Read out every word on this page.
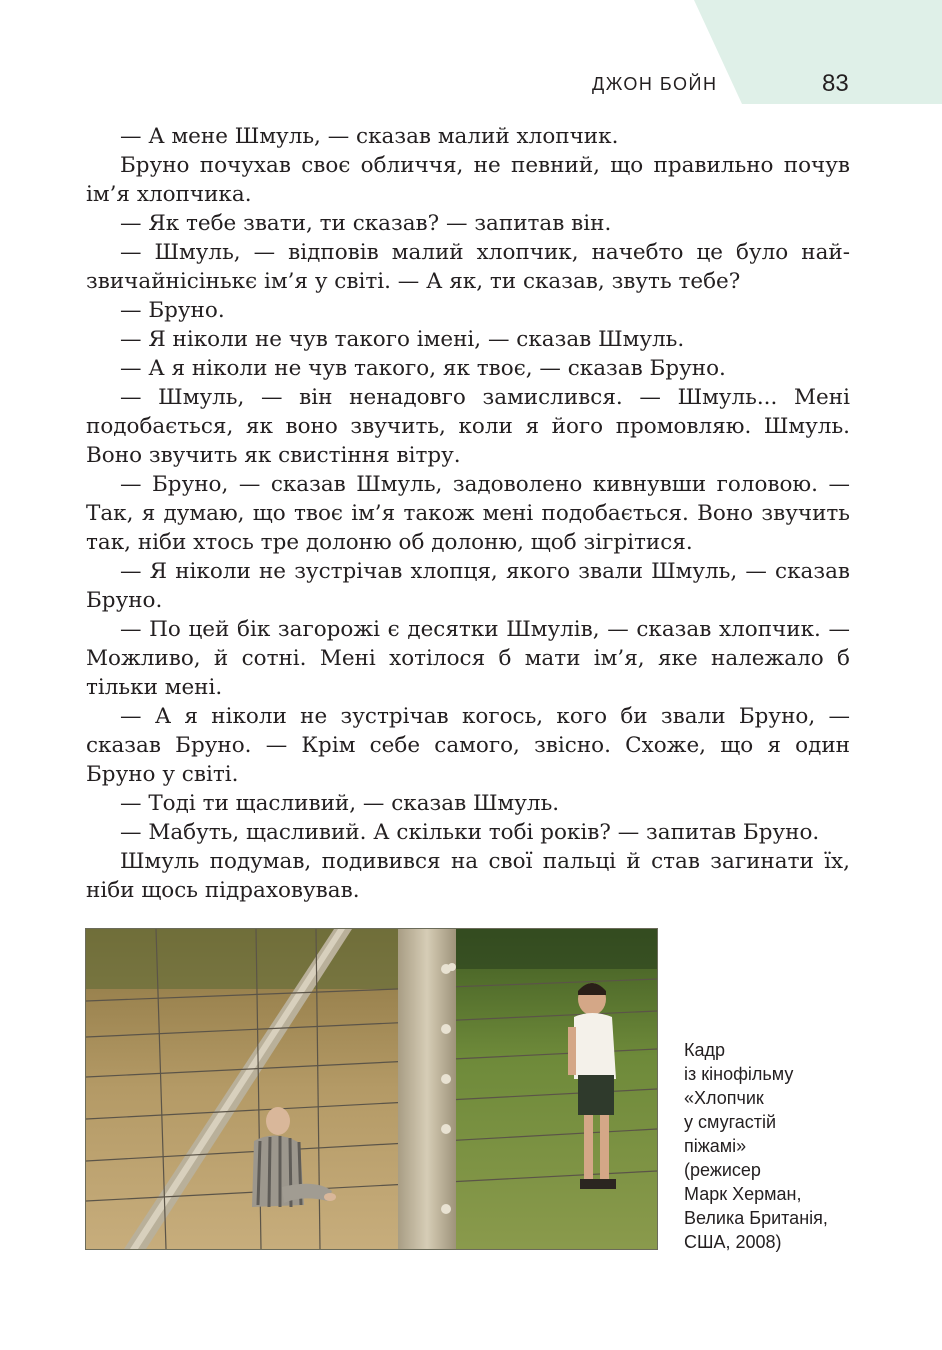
ДЖОН БОЙН	83

— А мене Шмуль, — сказав малий хлопчик.

Бруно почухав своє обличчя, не певний, що правильно почув ім’я хлопчика.

— Як тебе звати, ти сказав? — запитав він.

— Шмуль, — відповів малий хлопчик, начебто це було найзвичайнісінькє ім’я у світі. — А як, ти сказав, звуть тебе?

— Бруно.

— Я ніколи не чув такого імені, — сказав Шмуль.

— А я ніколи не чув такого, як твоє, — сказав Бруно.

— Шмуль, — він ненадовго замислився. — Шмуль... Мені подобається, як воно звучить, коли я його промовляю. Шмуль. Воно звучить як свистіння вітру.

— Бруно, — сказав Шмуль, задоволено кивнувши головою. — Так, я думаю, що твоє ім’я також мені подобається. Воно звучить так, ніби хтось тре долоню об долоню, щоб зігрітися.

— Я ніколи не зустрічав хлопця, якого звали Шмуль, — сказав Бруно.

— По цей бік загорожі є десятки Шмулів, — сказав хлопчик. — Можливо, й сотні. Мені хотілося б мати ім’я, яке належало б тільки мені.

— А я ніколи не зустрічав когось, кого би звали Бруно, — сказав Бруно. — Крім себе самого, звісно. Схоже, що я один Бруно у світі.

— Тоді ти щасливий, — сказав Шмуль.

— Мабуть, щасливий. А скільки тобі років? — запитав Бруно.

Шмуль подумав, подивився на свої пальці й став загинати їх, ніби щось підраховував.

Кадр
із кінофільму
«Хлопчик
у смугастій
піжамі»
(режисер
Марк Херман,
Велика Британія,
США, 2008)
